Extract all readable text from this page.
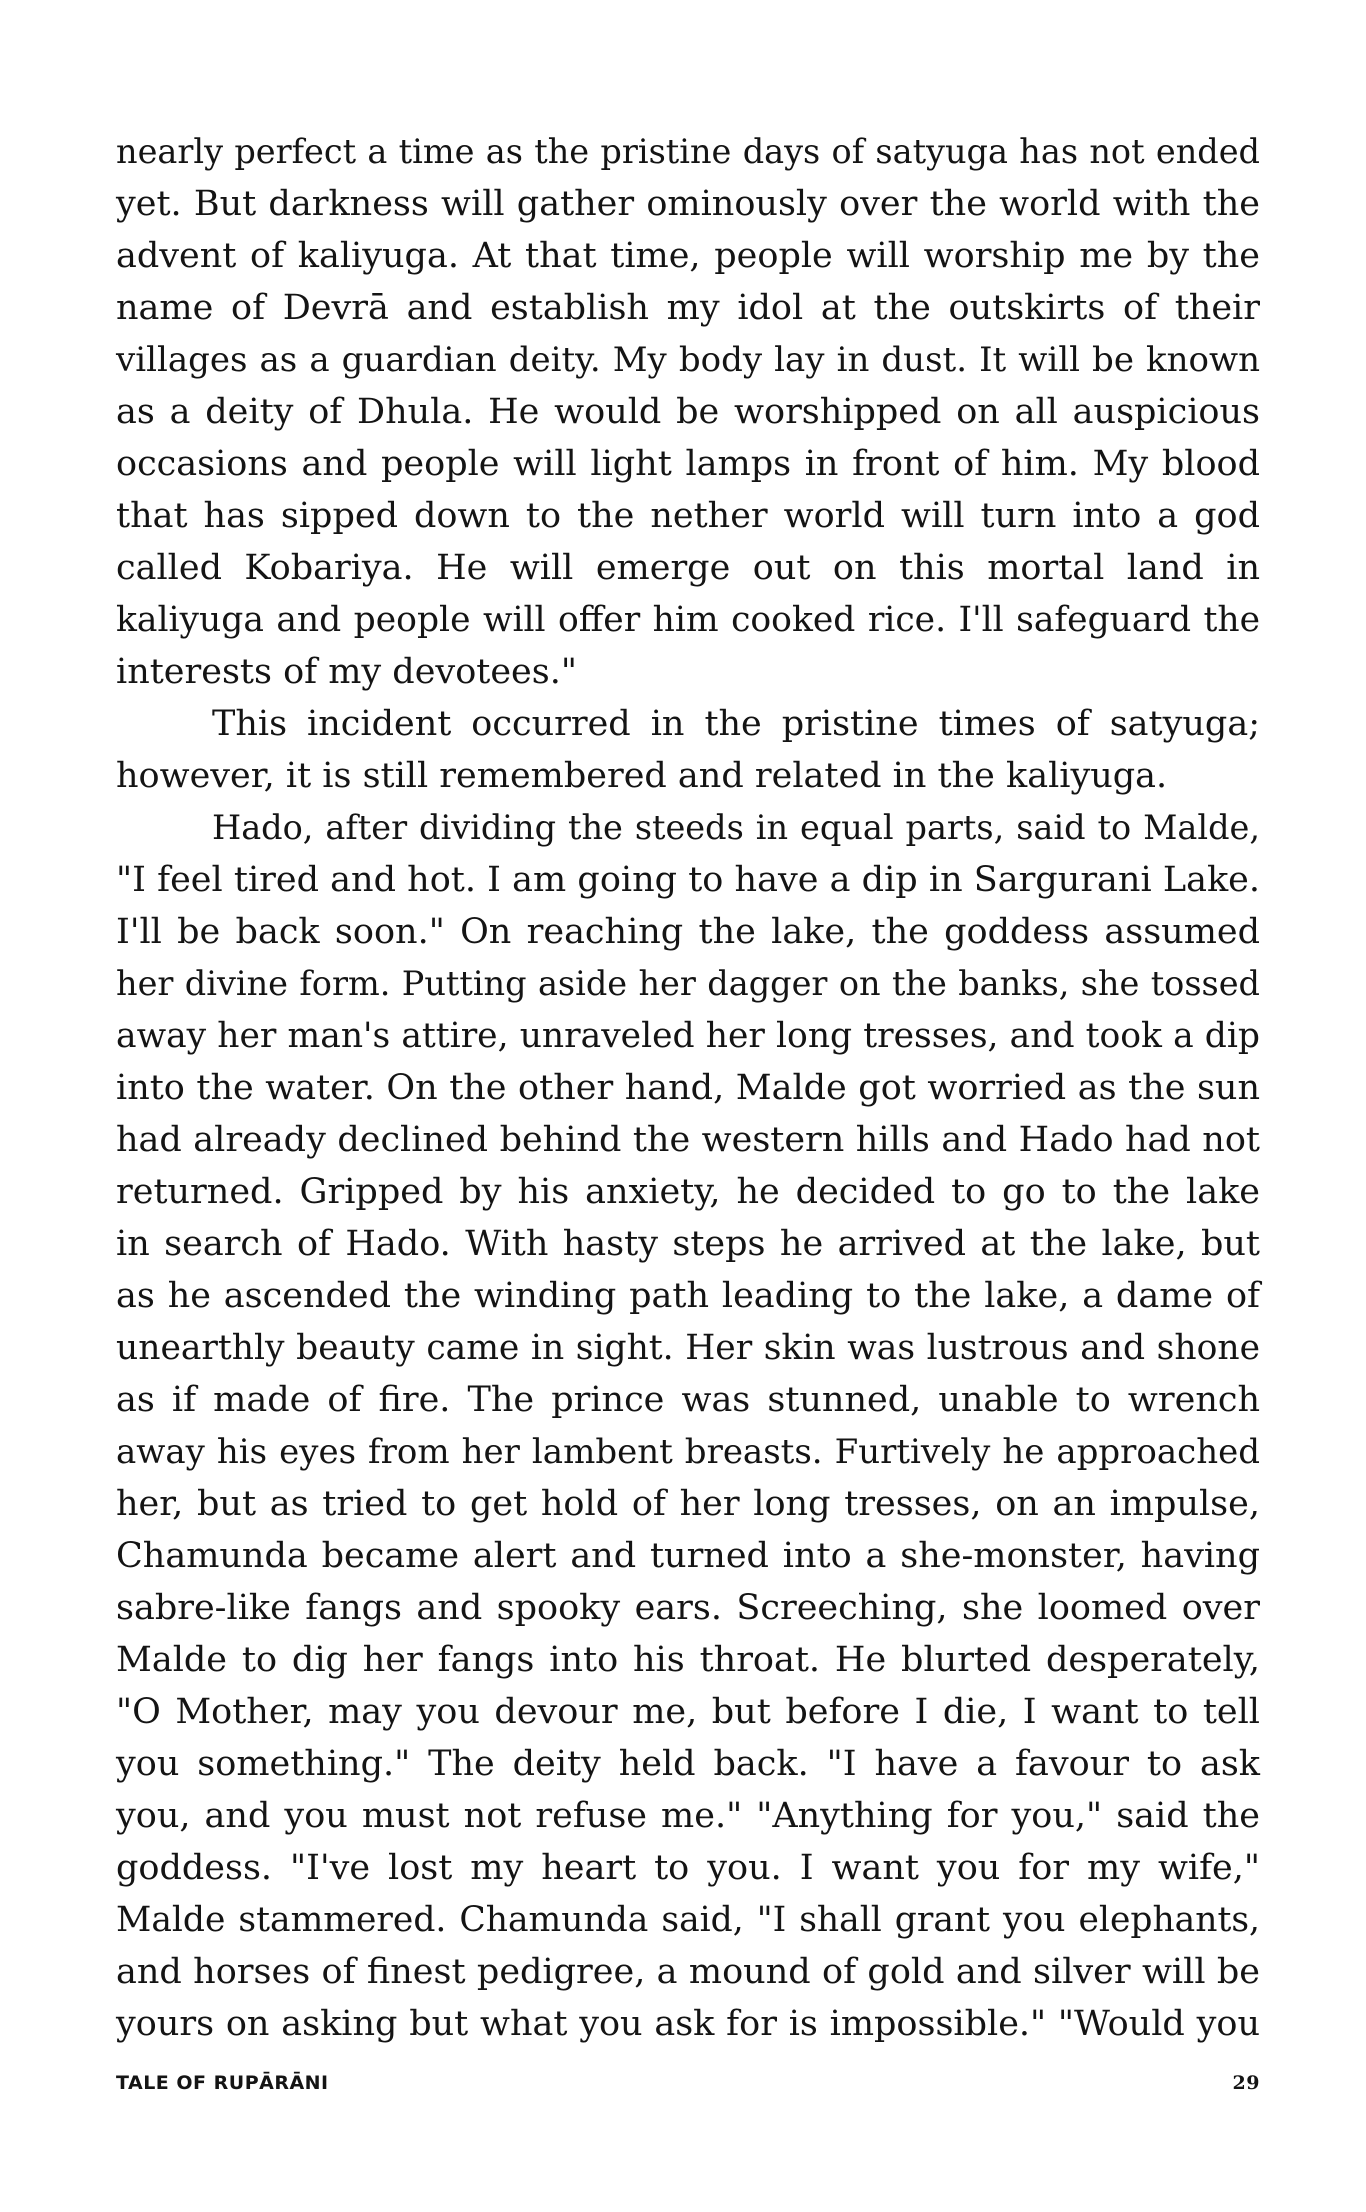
nearly perfect a time as the pristine days of satyuga has not ended
yet. But darkness will gather ominously over the world with the
advent of kaliyuga. At that time, people will worship me by the
name of Devrā and establish my idol at the outskirts of their
villages as a guardian deity. My body lay in dust. It will be known
as a deity of Dhula. He would be worshipped on all auspicious
occasions and people will light lamps in front of him. My blood
that has sipped down to the nether world will turn into a god
called Kobariya. He will emerge out on this mortal land in
kaliyuga and people will offer him cooked rice. I'll safeguard the
interests of my devotees."
This incident occurred in the pristine times of satyuga;
however, it is still remembered and related in the kaliyuga.
Hado, after dividing the steeds in equal parts, said to Malde,
"I feel tired and hot. I am going to have a dip in Sargurani Lake.
I'll be back soon." On reaching the lake, the goddess assumed
her divine form. Putting aside her dagger on the banks, she tossed
away her man's attire, unraveled her long tresses, and took a dip
into the water. On the other hand, Malde got worried as the sun
had already declined behind the western hills and Hado had not
returned. Gripped by his anxiety, he decided to go to the lake
in search of Hado. With hasty steps he arrived at the lake, but
as he ascended the winding path leading to the lake, a dame of
unearthly beauty came in sight. Her skin was lustrous and shone
as if made of fire. The prince was stunned, unable to wrench
away his eyes from her lambent breasts. Furtively he approached
her, but as tried to get hold of her long tresses, on an impulse,
Chamunda became alert and turned into a she-monster, having
sabre-like fangs and spooky ears. Screeching, she loomed over
Malde to dig her fangs into his throat. He blurted desperately,
"O Mother, may you devour me, but before I die, I want to tell
you something." The deity held back. "I have a favour to ask
you, and you must not refuse me." "Anything for you," said the
goddess. "I've lost my heart to you. I want you for my wife,"
Malde stammered. Chamunda said, "I shall grant you elephants,
and horses of finest pedigree, a mound of gold and silver will be
yours on asking but what you ask for is impossible." "Would you
TALE OF RUPĀRĀNI	29
